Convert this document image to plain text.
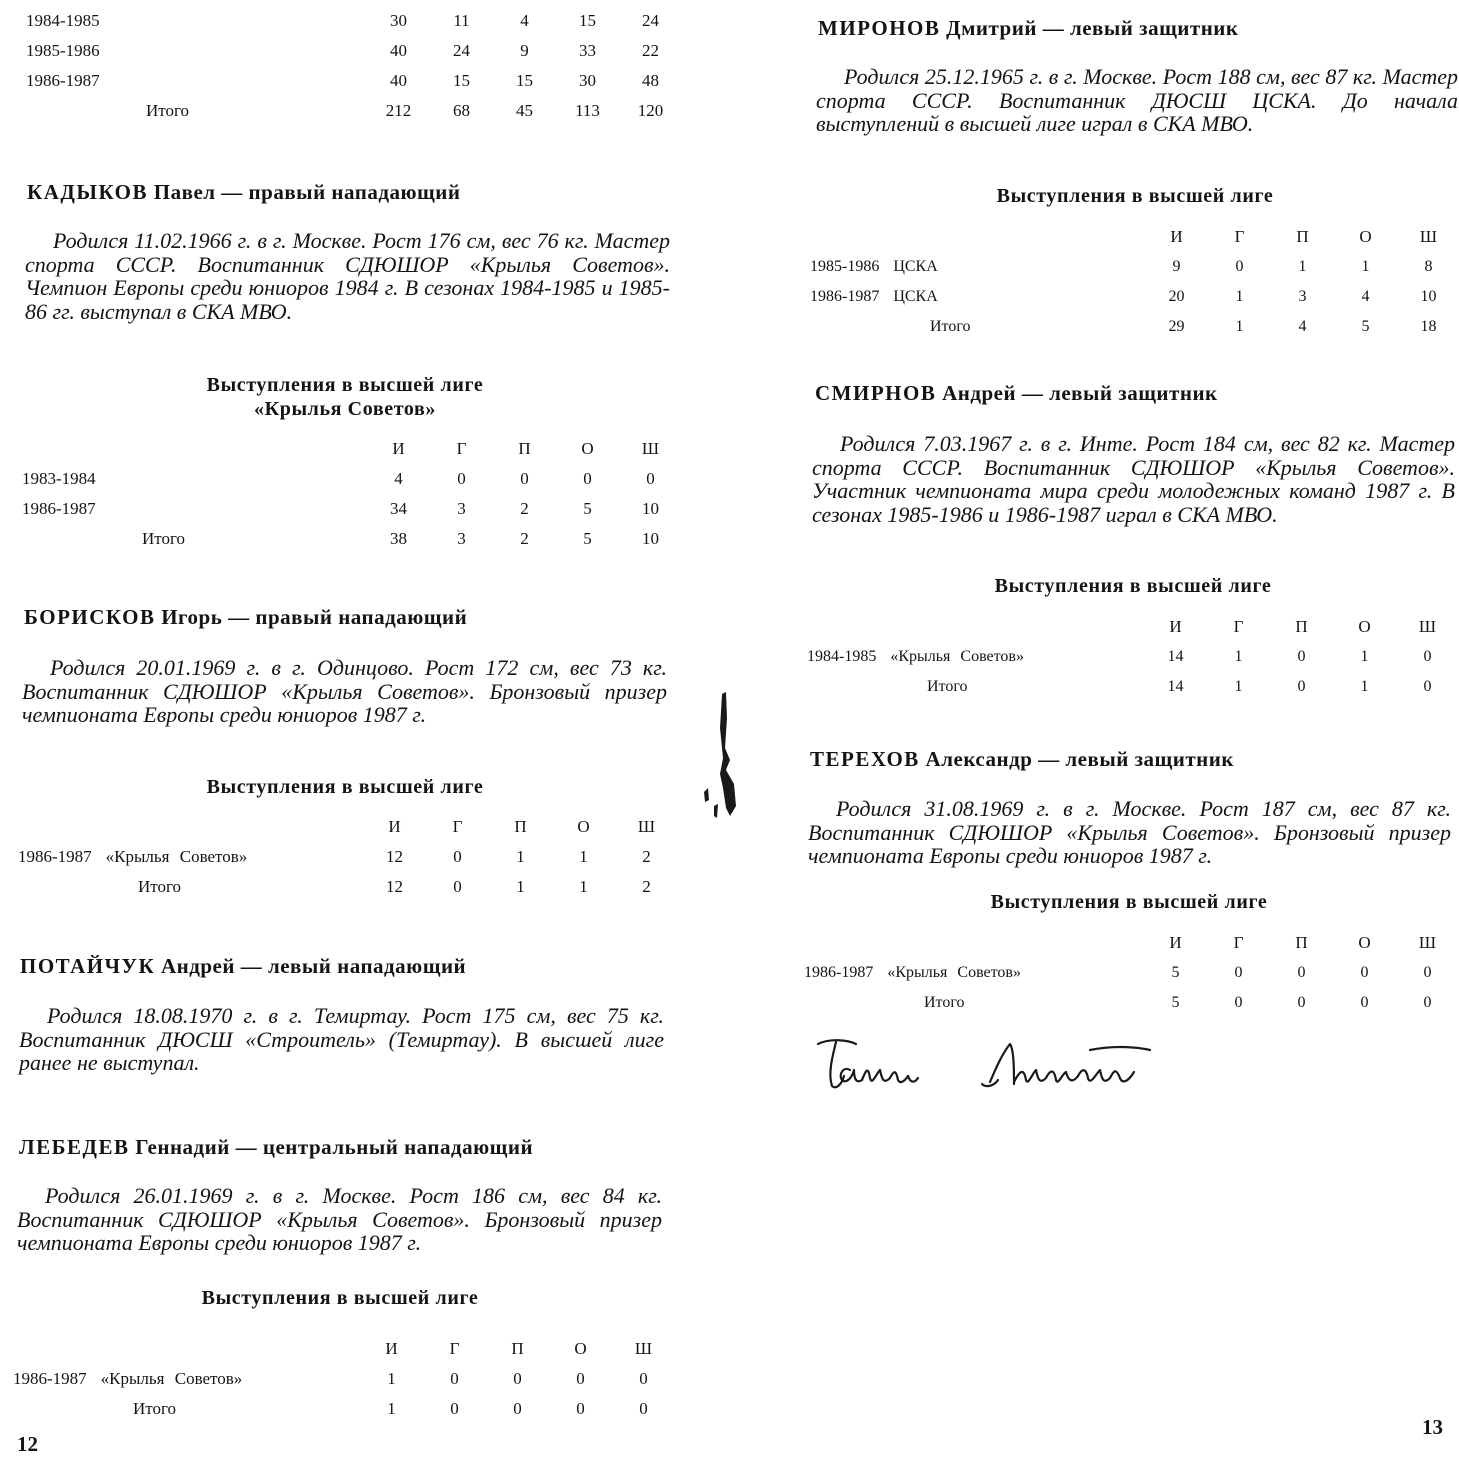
1984-1985	30	11	4	15	24
1985-1986	40	24	9	33	22
1986-1987	40	15	15	30	48
Итого	212	68	45	113	120
КАДЫКОВ Павел — правый нападающий

Родился 11.02.1966 г. в г. Москве. Рост 176 см, вес 76 кг. Мастер спорта СССР. Воспитанник СДЮШОР «Крылья Советов». Чемпион Европы среди юниоров 1984 г. В сезонах 1984-1985 и 1985-86 гг. выступал в СКА МВО.

Выступления в высшей лиге
«Крылья Советов»
	И	Г	П	О	Ш
1983-1984	4	0	0	0	0
1986-1987	34	3	2	5	10
Итого	38	3	2	5	10
БОРИСКОВ Игорь — правый нападающий

Родился 20.01.1969 г. в г. Одинцово. Рост 172 см, вес 73 кг. Воспитанник СДЮШОР «Крылья Советов». Бронзовый призер чемпионата Европы среди юниоров 1987 г.

Выступления в высшей лиге
	И	Г	П	О	Ш
1986-1987 «Крылья Советов»	12	0	1	1	2
Итого	12	0	1	1	2
ПОТАЙЧУК Андрей — левый нападающий

Родился 18.08.1970 г. в г. Темиртау. Рост 175 см, вес 75 кг. Воспитанник ДЮСШ «Строитель» (Темиртау). В высшей лиге ранее не выступал.

ЛЕБЕДЕВ Геннадий — центральный нападающий

Родился 26.01.1969 г. в г. Москве. Рост 186 см, вес 84 кг. Воспитанник СДЮШОР «Крылья Советов». Бронзовый призер чемпионата Европы среди юниоров 1987 г.

Выступления в высшей лиге
	И	Г	П	О	Ш
1986-1987 «Крылья Советов»	1	0	0	0	0
Итого	1	0	0	0	0
12
МИРОНОВ Дмитрий — левый защитник

Родился 25.12.1965 г. в г. Москве. Рост 188 см, вес 87 кг. Мастер спорта СССР. Воспитанник ДЮСШ ЦСКА. До начала выступлений в высшей лиге играл в СКА МВО.

Выступления в высшей лиге
	И	Г	П	О	Ш
1985-1986 ЦСКА	9	0	1	1	8
1986-1987 ЦСКА	20	1	3	4	10
Итого	29	1	4	5	18
СМИРНОВ Андрей — левый защитник

Родился 7.03.1967 г. в г. Инте. Рост 184 см, вес 82 кг. Мастер спорта СССР. Воспитанник СДЮШОР «Крылья Советов». Участник чемпионата мира среди молодежных команд 1987 г. В сезонах 1985-1986 и 1986-1987 играл в СКА МВО.

Выступления в высшей лиге
	И	Г	П	О	Ш
1984-1985 «Крылья Советов»	14	1	0	1	0
Итого	14	1	0	1	0
ТЕРЕХОВ Александр — левый защитник

Родился 31.08.1969 г. в г. Москве. Рост 187 см, вес 87 кг. Воспитанник СДЮШОР «Крылья Советов». Бронзовый призер чемпионата Европы среди юниоров 1987 г.

Выступления в высшей лиге
	И	Г	П	О	Ш
1986-1987 «Крылья Советов»	5	0	0	0	0
Итого	5	0	0	0	0
13
